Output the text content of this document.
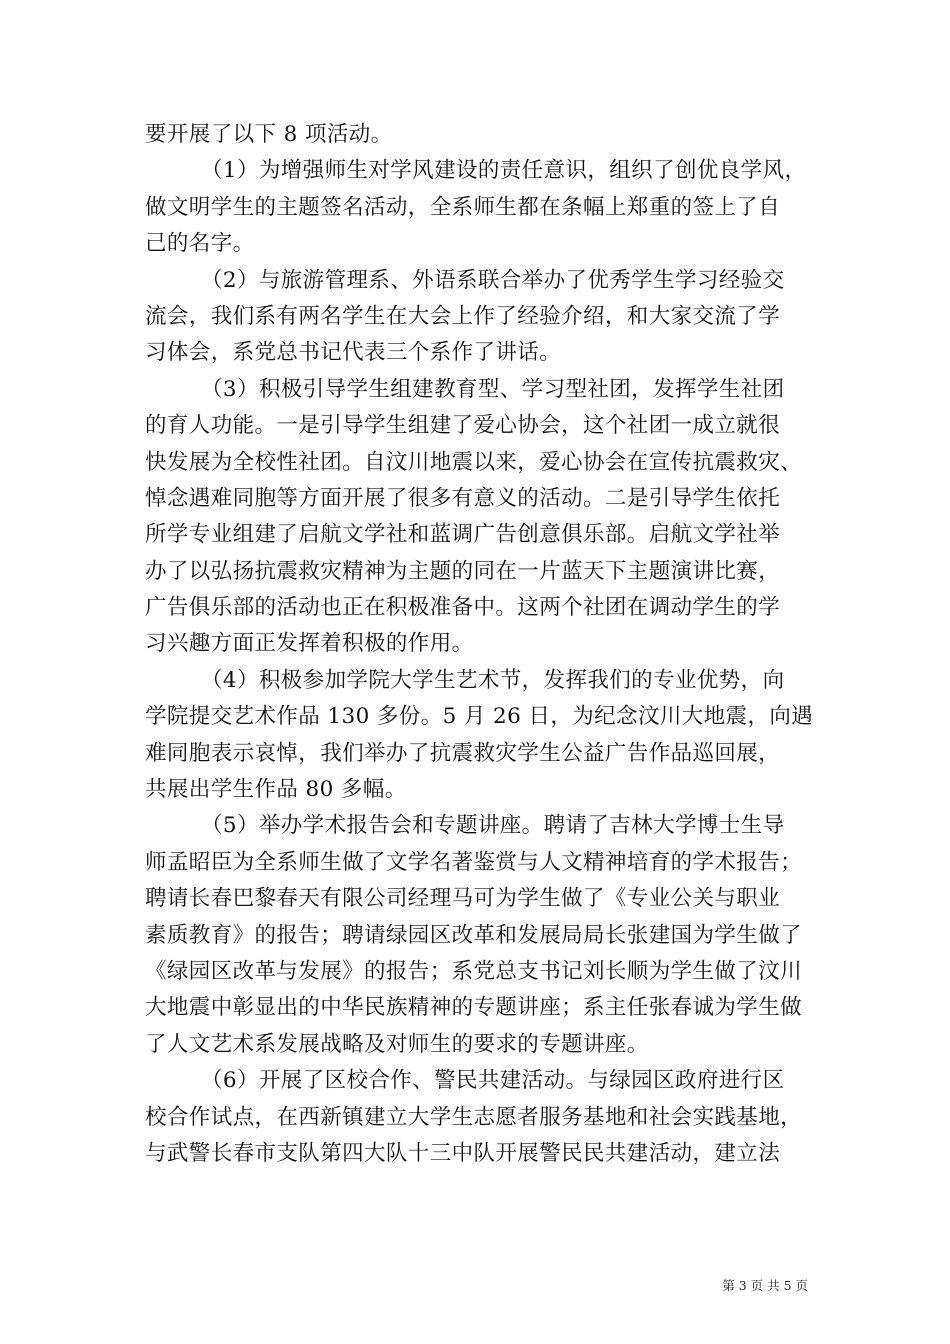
要开展了以下 8 项活动。
（1）为增强师生对学风建设的责任意识，组织了创优良学风，
做文明学生的主题签名活动，全系师生都在条幅上郑重的签上了自
己的名字。
（2）与旅游管理系、外语系联合举办了优秀学生学习经验交
流会，我们系有两名学生在大会上作了经验介绍，和大家交流了学
习体会，系党总书记代表三个系作了讲话。
（3）积极引导学生组建教育型、学习型社团，发挥学生社团
的育人功能。一是引导学生组建了爱心协会，这个社团一成立就很
快发展为全校性社团。自汶川地震以来，爱心协会在宣传抗震救灾、
悼念遇难同胞等方面开展了很多有意义的活动。二是引导学生依托
所学专业组建了启航文学社和蓝调广告创意俱乐部。启航文学社举
办了以弘扬抗震救灾精神为主题的同在一片蓝天下主题演讲比赛，
广告俱乐部的活动也正在积极准备中。这两个社团在调动学生的学
习兴趣方面正发挥着积极的作用。
（4）积极参加学院大学生艺术节，发挥我们的专业优势，向
学院提交艺术作品 130 多份。5 月 26 日，为纪念汶川大地震，向遇
难同胞表示哀悼，我们举办了抗震救灾学生公益广告作品巡回展，
共展出学生作品 80 多幅。
（5）举办学术报告会和专题讲座。聘请了吉林大学博士生导
师孟昭臣为全系师生做了文学名著鉴赏与人文精神培育的学术报告；
聘请长春巴黎春天有限公司经理马可为学生做了《专业公关与职业
素质教育》的报告；聘请绿园区改革和发展局局长张建国为学生做了
《绿园区改革与发展》的报告；系党总支书记刘长顺为学生做了汶川
大地震中彰显出的中华民族精神的专题讲座；系主任张春诚为学生做
了人文艺术系发展战略及对师生的要求的专题讲座。
（6）开展了区校合作、警民共建活动。与绿园区政府进行区
校合作试点，在西新镇建立大学生志愿者服务基地和社会实践基地，
与武警长春市支队第四大队十三中队开展警民民共建活动，建立法
第 3 页 共 5 页
